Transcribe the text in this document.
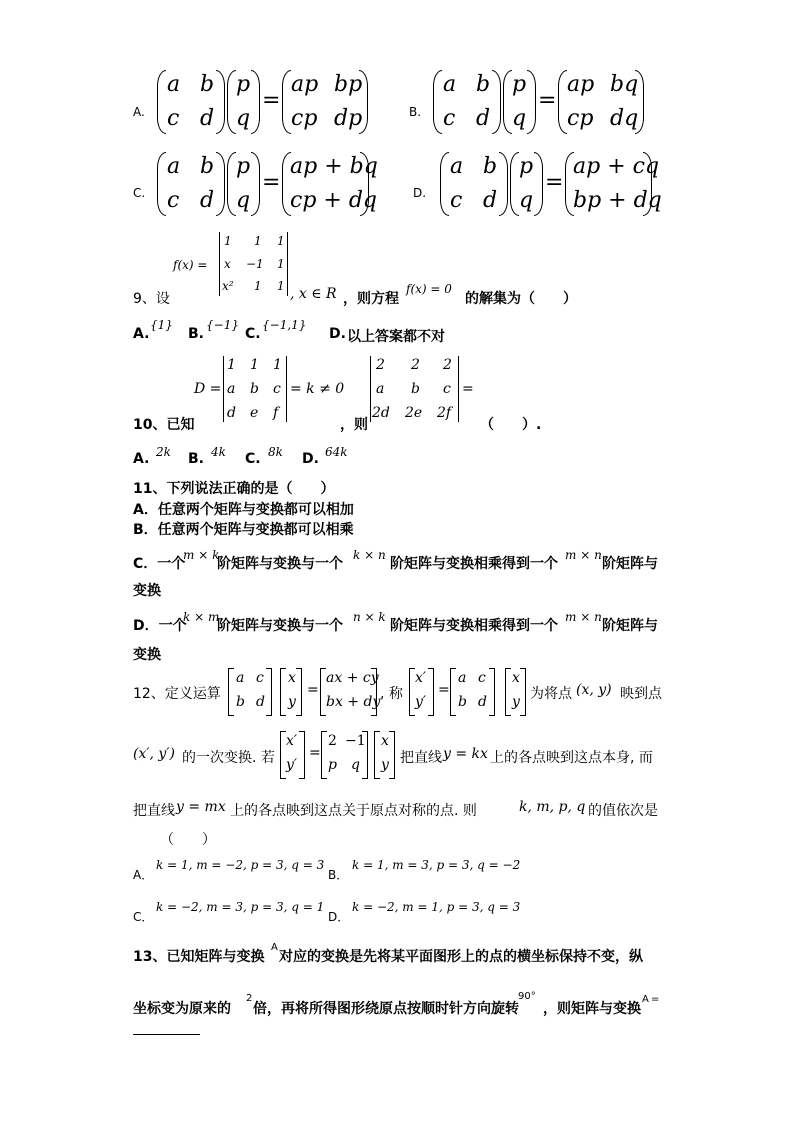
A.
a b
c d
p
q
=
ap bp
cp dp	B.
a b
c d
p
q
=
ap bq
cp dq
C.
a b
c d
p
q
=
ap + bq
cp + dq	D.
a b
c d
p
q
=
ap + cq
bp + dq
f(x) =
1 1 1
x −1 1
x² 1 1
9、设	, x ∈ R ，则方程
f(x) = 0
的解集为（　　）
A.
{1}
B.
{−1}
C.
{−1,1}
D. 以上答案都不对
D =
1 1 1
a b c
d e f
= k ≠ 0
2 2 2
a b c
2d 2e 2f
=
10、已知	，则	（　　）.
A. 2k B. 4k C. 8k D. 64k
11、下列说法正确的是（　　）
A．任意两个矩阵与变换都可以相加
B．任意两个矩阵与变换都可以相乘
C．一个
m × k
阶矩阵与变换与一个
k × n
阶矩阵与变换相乘得到一个
m × n
阶矩阵与
变换
D．一个
k × m
阶矩阵与变换与一个
n × k
阶矩阵与变换相乘得到一个
m × n
阶矩阵与
变换
12、定义运算
a c
b d
x
y
=
ax + cy
bx + dy , 称
x′
y′
=
a c
b d
x
y 为将点 (x, y) 映到点
(x′, y′) 的一次变换. 若
x′
y′
=
2 −1
p q
x
y 把直线 y = kx 上的各点映到这点本身, 而
把直线 y = mx 上的各点映到这点关于原点对称的点. 则	k, m, p, q 的值依次是
（　　）
A．
k = 1, m = −2, p = 3, q = 3
B．
k = 1, m = 3, p = 3, q = −2
C．
k = −2, m = 3, p = 3, q = 1
D．
k = −2, m = 1, p = 3, q = 3
13、已知矩阵与变换
A
对应的变换是先将某平面图形上的点的横坐标保持不变，纵
坐标变为原来的
2
倍，再将所得图形绕原点按顺时针方向旋转
90°
，则矩阵与变换
A =
